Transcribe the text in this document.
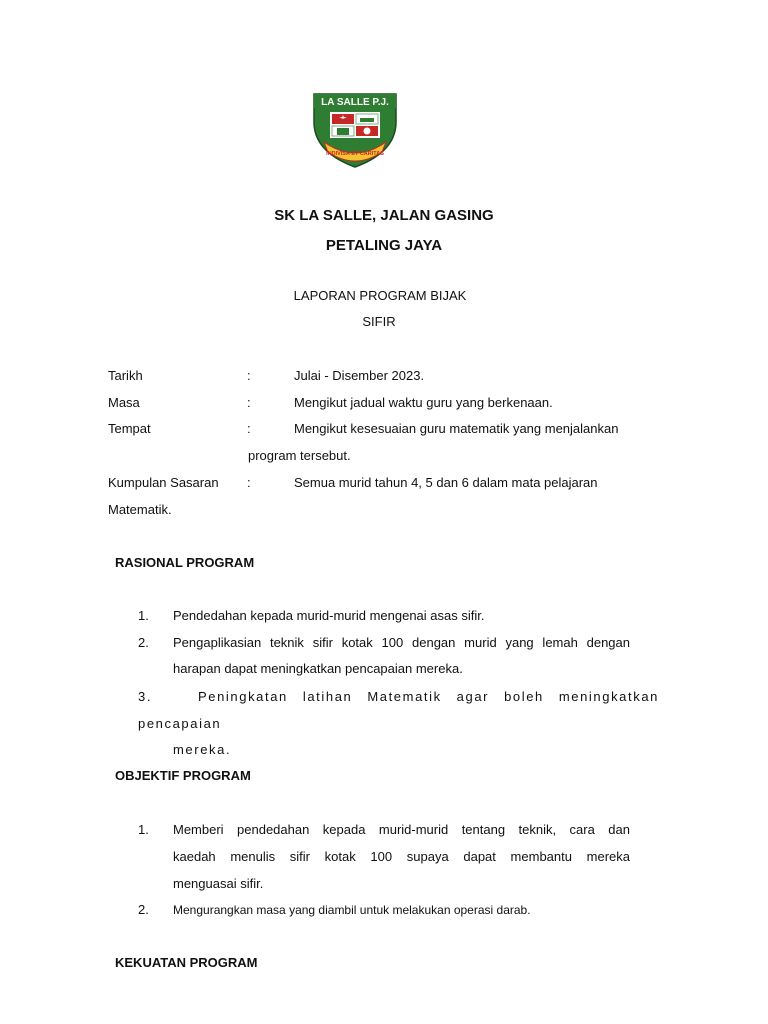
LA SALLE P.J.
INDIVISA ET CARITAS
SK LA SALLE, JALAN GASING
PETALING JAYA
LAPORAN PROGRAM BIJAK
SIFIR
Tarikh	:	Julai - Disember 2023.
Masa	:	Mengikut jadual waktu guru yang berkenaan.
Tempat	:	Mengikut kesesuaian guru matematik yang menjalankan
program tersebut.
Kumpulan Sasaran :	Semua murid tahun 4, 5 dan 6 dalam mata pelajaran
Matematik.
RASIONAL PROGRAM
1. Pendedahan kepada murid-murid mengenai asas sifir.
2. Pengaplikasian teknik sifir kotak 100 dengan murid yang lemah dengan
harapan dapat meningkatkan pencapaian mereka.
3.	Peningkatan latihan Matematik agar boleh meningkatkan
pencapaian
mereka.
OBJEKTIF PROGRAM
1. Memberi pendedahan kepada murid-murid tentang teknik, cara dan
kaedah menulis sifir kotak 100 supaya dapat membantu mereka
menguasai sifir.
2. Mengurangkan masa yang diambil untuk melakukan operasi darab.
KEKUATAN PROGRAM
